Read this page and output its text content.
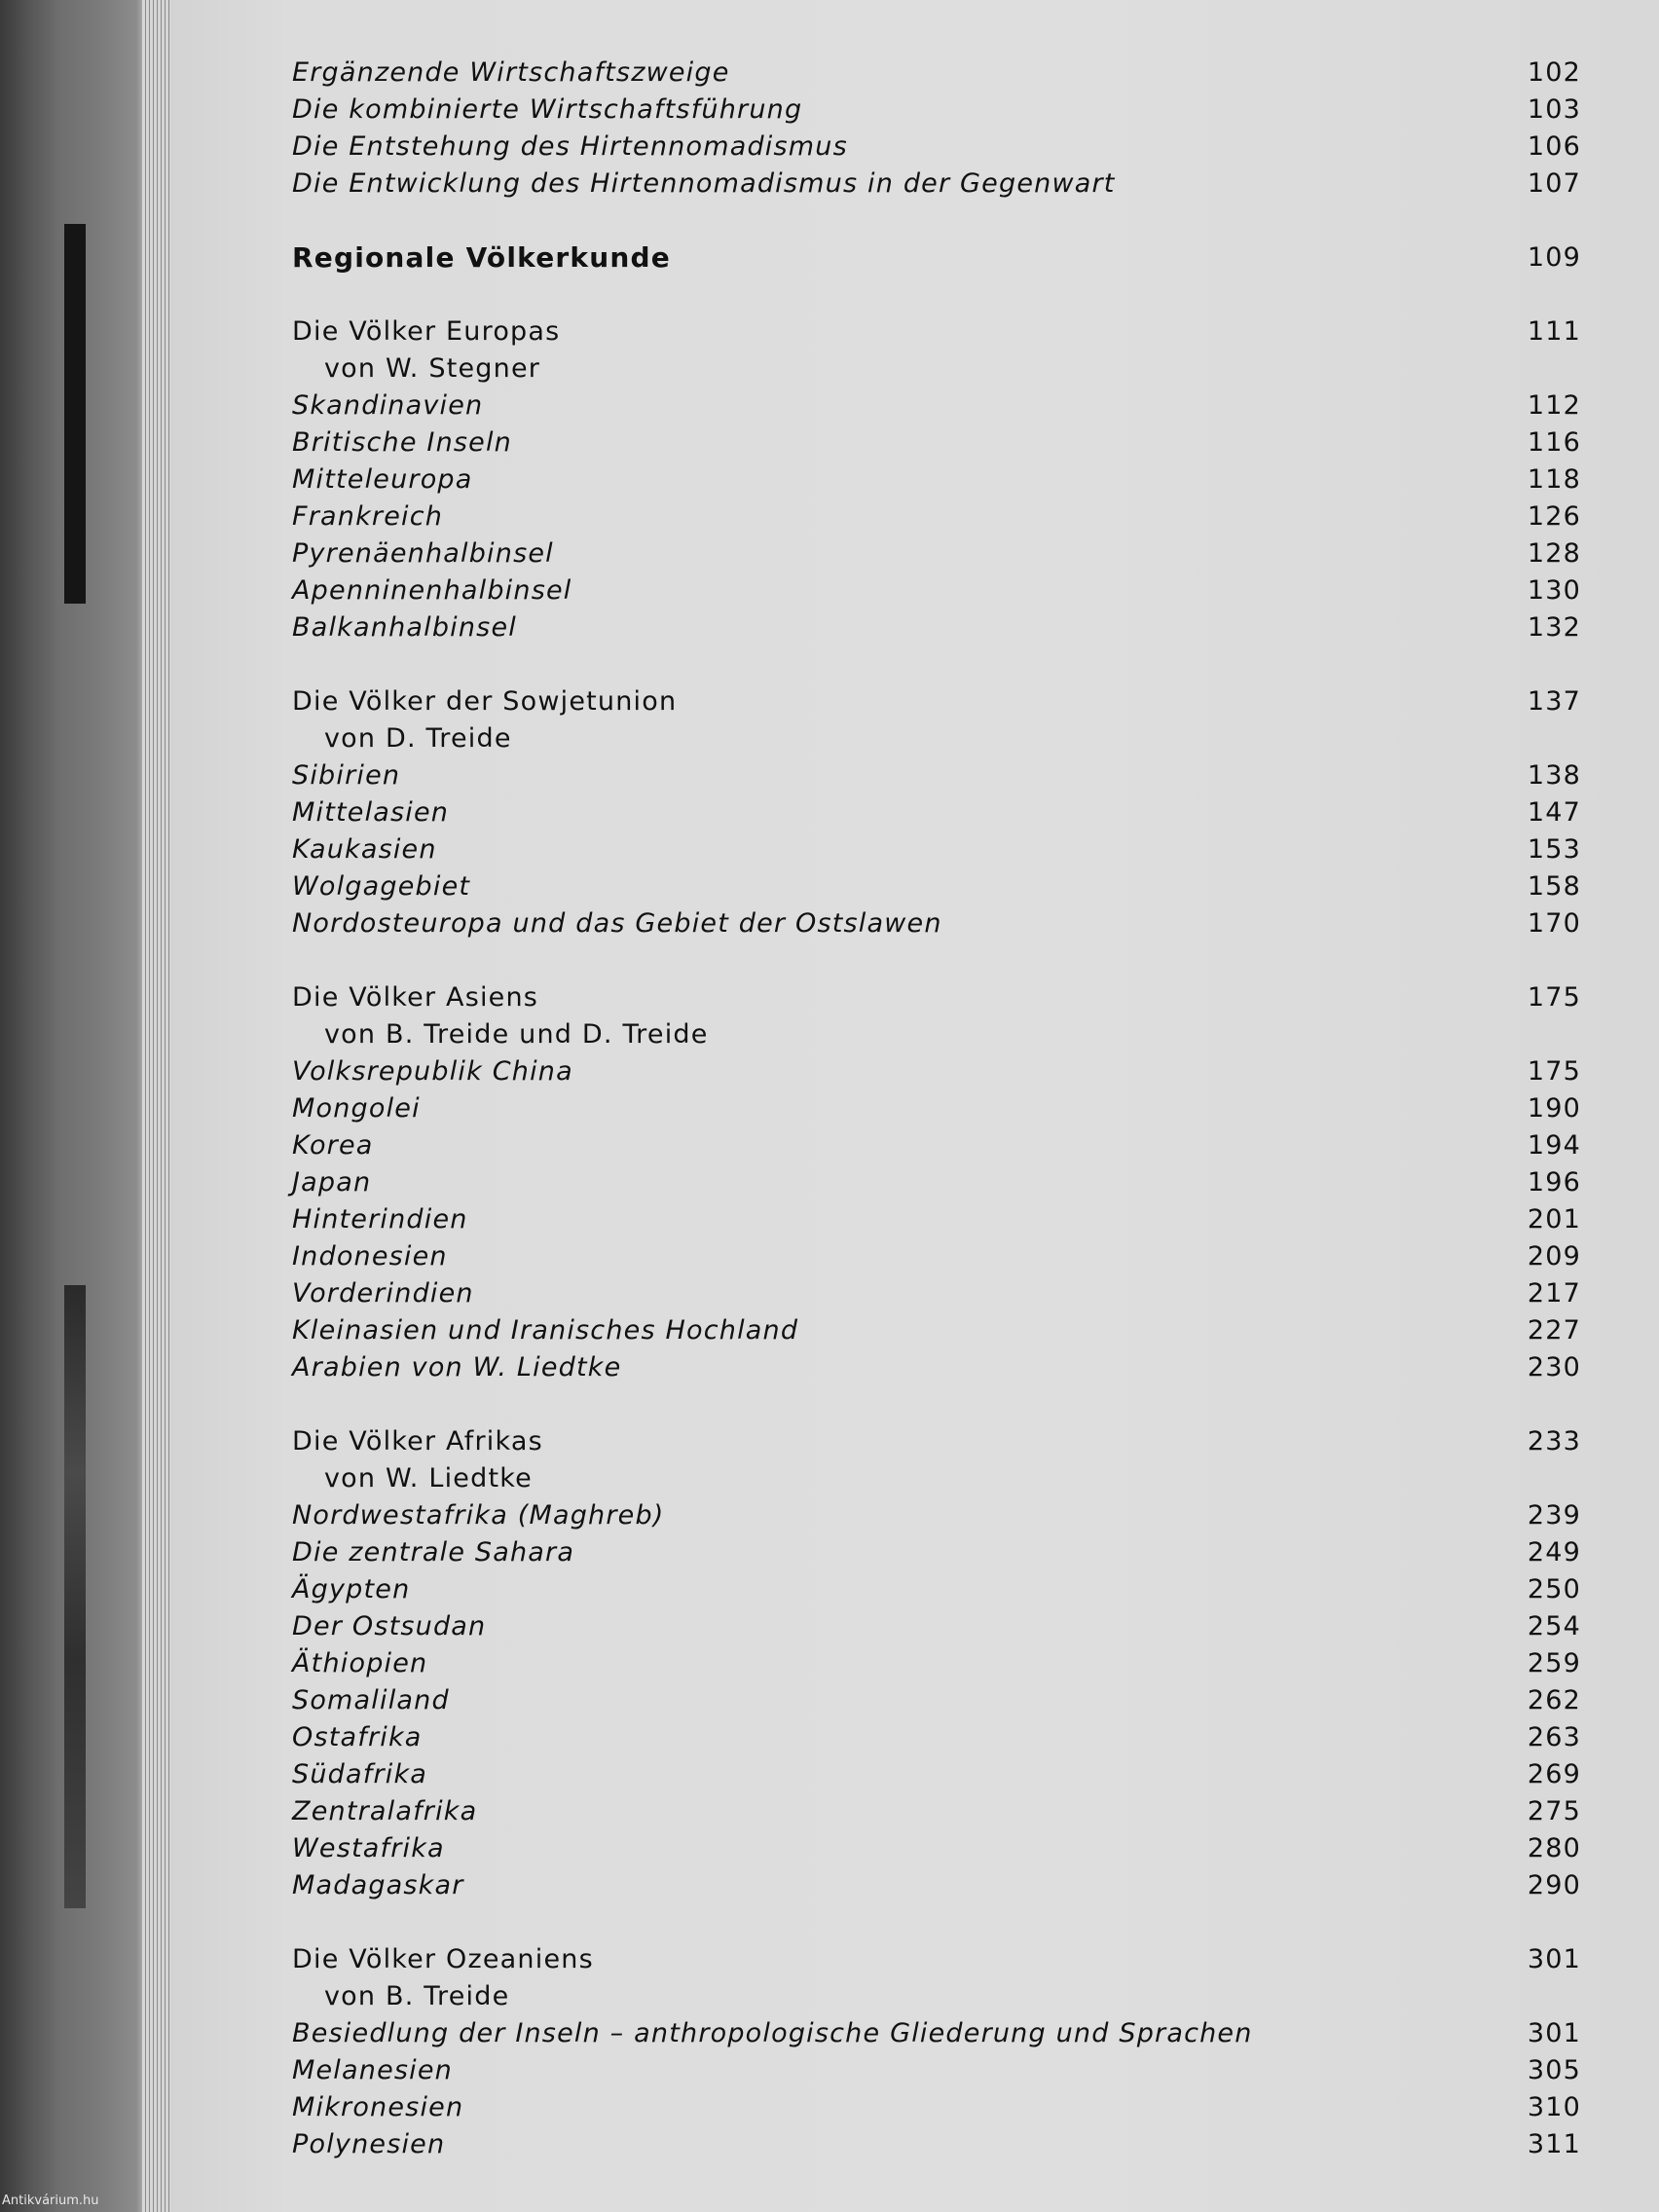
Ergänzende Wirtschaftszweige	102
Die kombinierte Wirtschaftsführung	103
Die Entstehung des Hirtennomadismus	106
Die Entwicklung des Hirtennomadismus in der Gegenwart	107
Regionale Völkerkunde	109
Die Völker Europas	111
von W. Stegner
Skandinavien	112
Britische Inseln	116
Mitteleuropa	118
Frankreich	126
Pyrenäenhalbinsel	128
Apenninenhalbinsel	130
Balkanhalbinsel	132
Die Völker der Sowjetunion	137
von D. Treide
Sibirien	138
Mittelasien	147
Kaukasien	153
Wolgagebiet	158
Nordosteuropa und das Gebiet der Ostslawen	170
Die Völker Asiens	175
von B. Treide und D. Treide
Volksrepublik China	175
Mongolei	190
Korea	194
Japan	196
Hinterindien	201
Indonesien	209
Vorderindien	217
Kleinasien und Iranisches Hochland	227
Arabien von W. Liedtke	230
Die Völker Afrikas	233
von W. Liedtke
Nordwestafrika (Maghreb)	239
Die zentrale Sahara	249
Ägypten	250
Der Ostsudan	254
Äthiopien	259
Somaliland	262
Ostafrika	263
Südafrika	269
Zentralafrika	275
Westafrika	280
Madagaskar	290
Die Völker Ozeaniens	301
von B. Treide
Besiedlung der Inseln – anthropologische Gliederung und Sprachen	301
Melanesien	305
Mikronesien	310
Polynesien	311
Antikvárium.hu
